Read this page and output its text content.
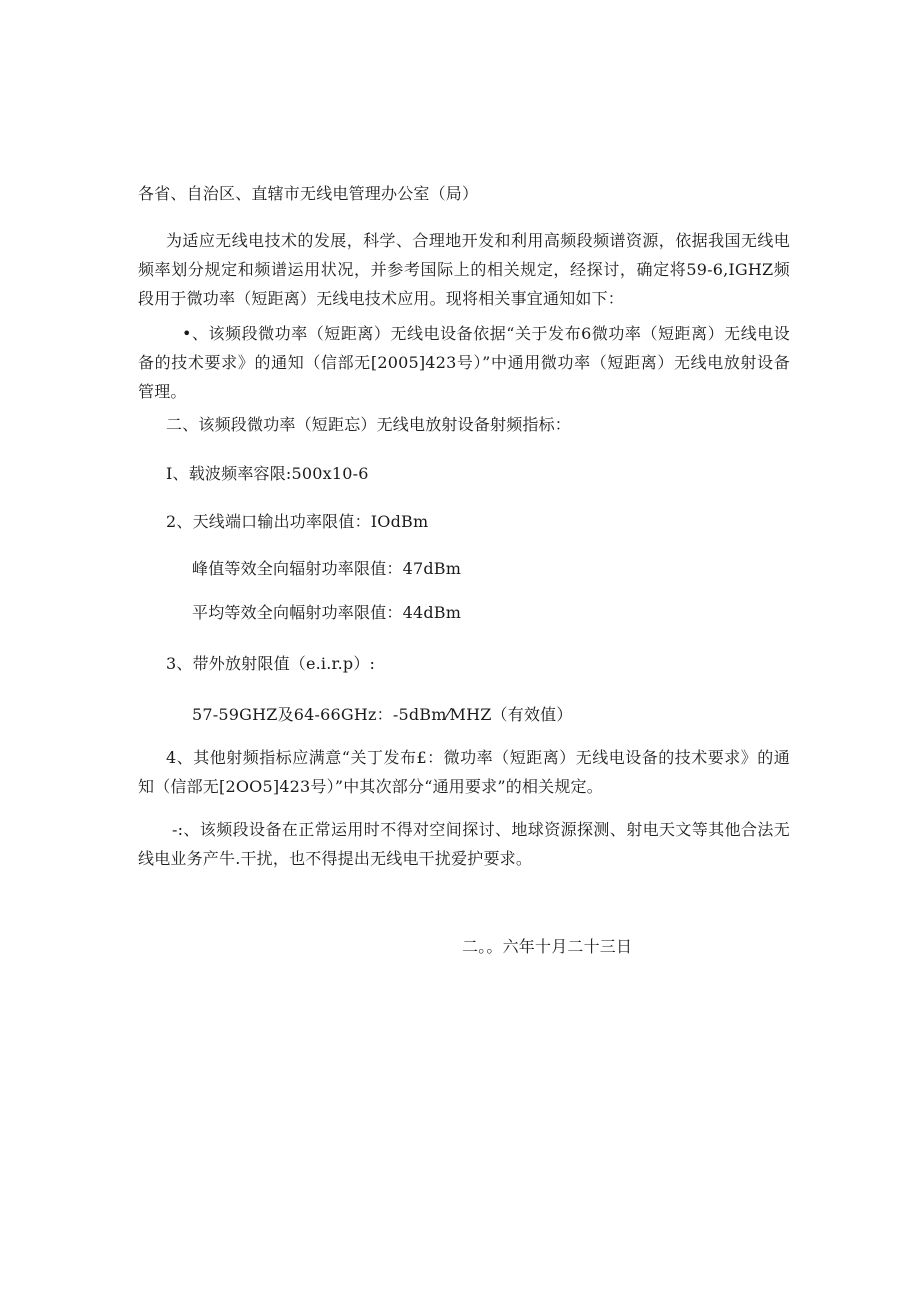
各省、自治区、直辖市无线电管理办公室（局）
为适应无线电技术的发展，科学、合理地开发和利用高频段频谱资源，依据我国无线电频率划分规定和频谱运用状况，并参考国际上的相关规定，经探讨，确定将59-6,IGHZ频段用于微功率（短距离）无线电技术应用。现将相关事宜通知如下：
•、该频段微功率（短距离）无线电设备依据“关于发布6微功率（短距离）无线电设备的技术要求》的通知（信部无[2005]423号）”中通用微功率（短距离）无线电放射设备管理。
二、该频段微功率（短距忘）无线电放射设备射频指标：
I、载波频率容限:500x10-6
2、天线端口输出功率限值：IOdBm
峰值等效全向辐射功率限值：47dBm
平均等效全向幅射功率限值：44dBm
3、带外放射限值（e.i.r.p）:
57-59GHZ及64-66GHz：-5dBm⁄MHZ（有效值）
4、其他射频指标应满意“关丁发布£：微功率（短距离）无线电设备的技术要求》的通知（信部无[2OO5]423号）”中其次部分“通用要求”的相关规定。
-:、该频段设备在正常运用时不得对空间探讨、地球资源探测、射电天文等其他合法无线电业务产牛.干扰，也不得提出无线电干扰爱护要求。
二。。六年十月二十三日
